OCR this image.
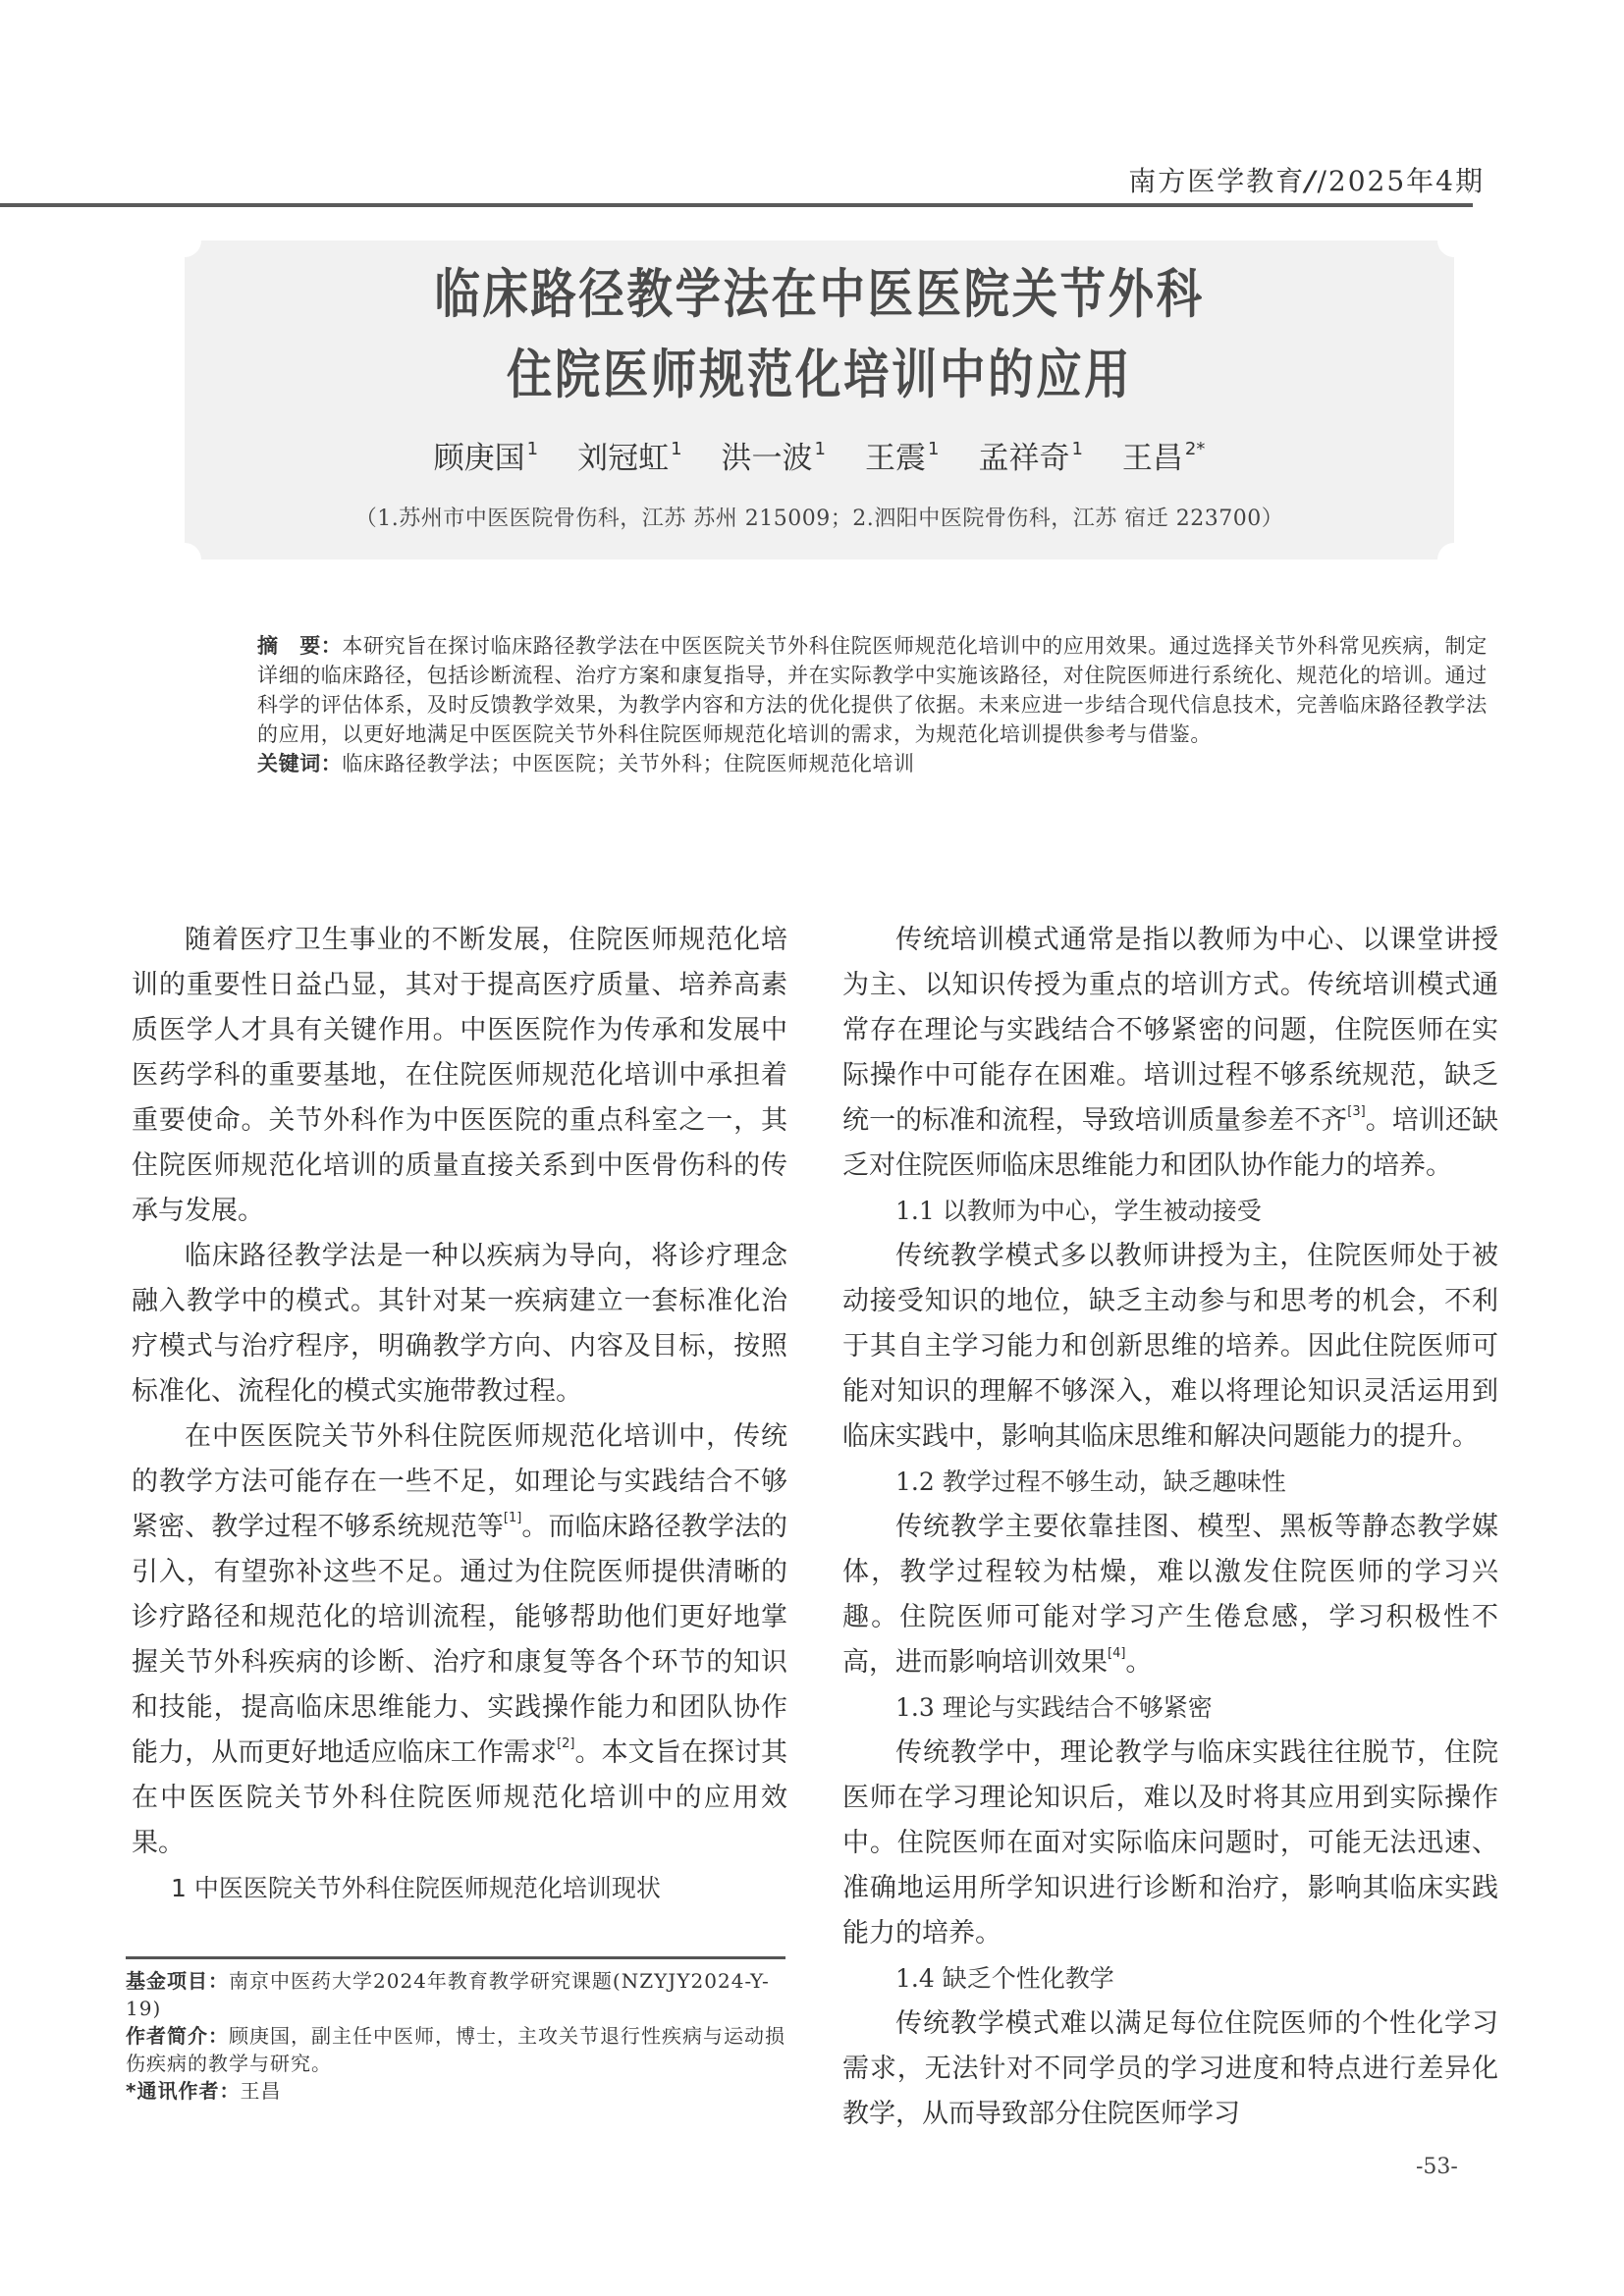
南方医学教育//2025年4期
临床路径教学法在中医医院关节外科
住院医师规范化培训中的应用
顾庚国 $^1$ 刘冠虹 $^1$ 洪一波 $^1$ 王震 $^1$ 孟祥奇 $^1$ 王昌 $^{2*}$
（1.苏州市中医医院骨伤科，江苏 苏州 215009；2.泗阳中医院骨伤科，江苏 宿迁 223700）

摘　要：本研究旨在探讨临床路径教学法在中医医院关节外科住院医师规范化培训中的应用效果。通过选择关节外科常见疾病，制定详细的临床路径，包括诊断流程、治疗方案和康复指导，并在实际教学中实施该路径，对住院医师进行系统化、规范化的培训。通过科学的评估体系，及时反馈教学效果，为教学内容和方法的优化提供了依据。未来应进一步结合现代信息技术，完善临床路径教学法的应用，以更好地满足中医医院关节外科住院医师规范化培训的需求，为规范化培训提供参考与借鉴。

关键词：临床路径教学法；中医医院；关节外科；住院医师规范化培训

随着医疗卫生事业的不断发展，住院医师规范化培训的重要性日益凸显，其对于提高医疗质量、培养高素质医学人才具有关键作用。中医医院作为传承和发展中医药学科的重要基地，在住院医师规范化培训中承担着重要使命。关节外科作为中医医院的重点科室之一，其住院医师规范化培训的质量直接关系到中医骨伤科的传承与发展。

临床路径教学法是一种以疾病为导向，将诊疗理念融入教学中的模式。其针对某一疾病建立一套标准化治疗模式与治疗程序，明确教学方向、内容及目标，按照标准化、流程化的模式实施带教过程。

在中医医院关节外科住院医师规范化培训中，传统的教学方法可能存在一些不足，如理论与实践结合不够紧密、教学过程不够系统规范等[1]。而临床路径教学法的引入，有望弥补这些不足。通过为住院医师提供清晰的诊疗路径和规范化的培训流程，能够帮助他们更好地掌握关节外科疾病的诊断、治疗和康复等各个环节的知识和技能，提高临床思维能力、实践操作能力和团队协作能力，从而更好地适应临床工作需求[2]。本文旨在探讨其在中医医院关节外科住院医师规范化培训中的应用效果。

1 中医医院关节外科住院医师规范化培训现状

基金项目：南京中医药大学2024年教育教学研究课题(NZYJY2024-Y-19)

作者简介：顾庚国，副主任中医师，博士，主攻关节退行性疾病与运动损伤疾病的教学与研究。

*通讯作者：王昌

传统培训模式通常是指以教师为中心、以课堂讲授为主、以知识传授为重点的培训方式。传统培训模式通常存在理论与实践结合不够紧密的问题，住院医师在实际操作中可能存在困难。培训过程不够系统规范，缺乏统一的标准和流程，导致培训质量参差不齐[3]。培训还缺乏对住院医师临床思维能力和团队协作能力的培养。

1.1 以教师为中心，学生被动接受

传统教学模式多以教师讲授为主，住院医师处于被动接受知识的地位，缺乏主动参与和思考的机会，不利于其自主学习能力和创新思维的培养。因此住院医师可能对知识的理解不够深入，难以将理论知识灵活运用到临床实践中，影响其临床思维和解决问题能力的提升。

1.2 教学过程不够生动，缺乏趣味性

传统教学主要依靠挂图、模型、黑板等静态教学媒体，教学过程较为枯燥，难以激发住院医师的学习兴趣。住院医师可能对学习产生倦怠感，学习积极性不高，进而影响培训效果[4]。

1.3 理论与实践结合不够紧密

传统教学中，理论教学与临床实践往往脱节，住院医师在学习理论知识后，难以及时将其应用到实际操作中。住院医师在面对实际临床问题时，可能无法迅速、准确地运用所学知识进行诊断和治疗，影响其临床实践能力的培养。

1.4 缺乏个性化教学

传统教学模式难以满足每位住院医师的个性化学习需求，无法针对不同学员的学习进度和特点进行差异化教学，从而导致部分住院医师学习

-53-
